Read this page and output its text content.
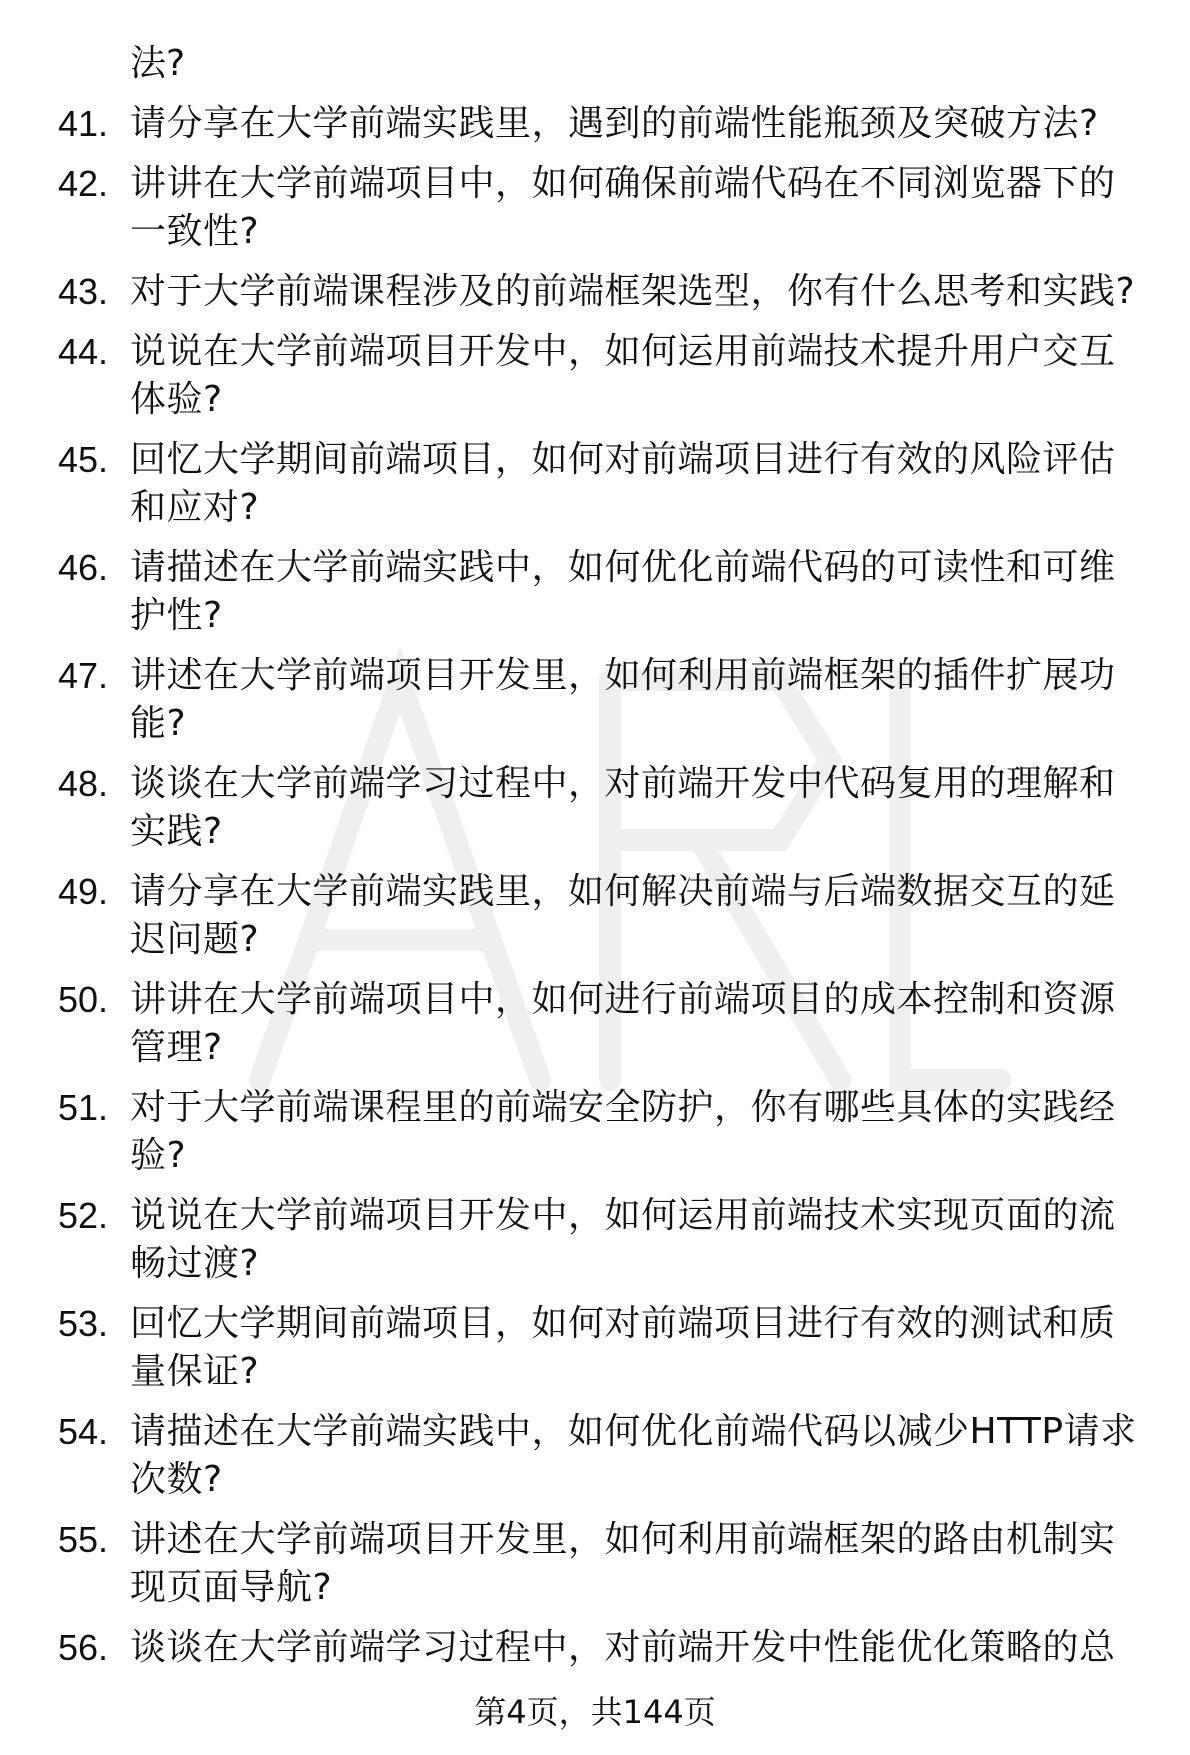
法?
41. 请分享在大学前端实践里，遇到的前端性能瓶颈及突破方法?
42. 讲讲在大学前端项目中，如何确保前端代码在不同浏览器下的一致性?
43. 对于大学前端课程涉及的前端框架选型，你有什么思考和实践?
44. 说说在大学前端项目开发中，如何运用前端技术提升用户交互体验?
45. 回忆大学期间前端项目，如何对前端项目进行有效的风险评估和应对?
46. 请描述在大学前端实践中，如何优化前端代码的可读性和可维护性?
47. 讲述在大学前端项目开发里，如何利用前端框架的插件扩展功能?
48. 谈谈在大学前端学习过程中，对前端开发中代码复用的理解和实践?
49. 请分享在大学前端实践里，如何解决前端与后端数据交互的延迟问题?
50. 讲讲在大学前端项目中，如何进行前端项目的成本控制和资源管理?
51. 对于大学前端课程里的前端安全防护，你有哪些具体的实践经验?
52. 说说在大学前端项目开发中，如何运用前端技术实现页面的流畅过渡?
53. 回忆大学期间前端项目，如何对前端项目进行有效的测试和质量保证?
54. 请描述在大学前端实践中，如何优化前端代码以减少HTTP请求次数?
55. 讲述在大学前端项目开发里，如何利用前端框架的路由机制实现页面导航?
56. 谈谈在大学前端学习过程中，对前端开发中性能优化策略的总
第4页，共144页
